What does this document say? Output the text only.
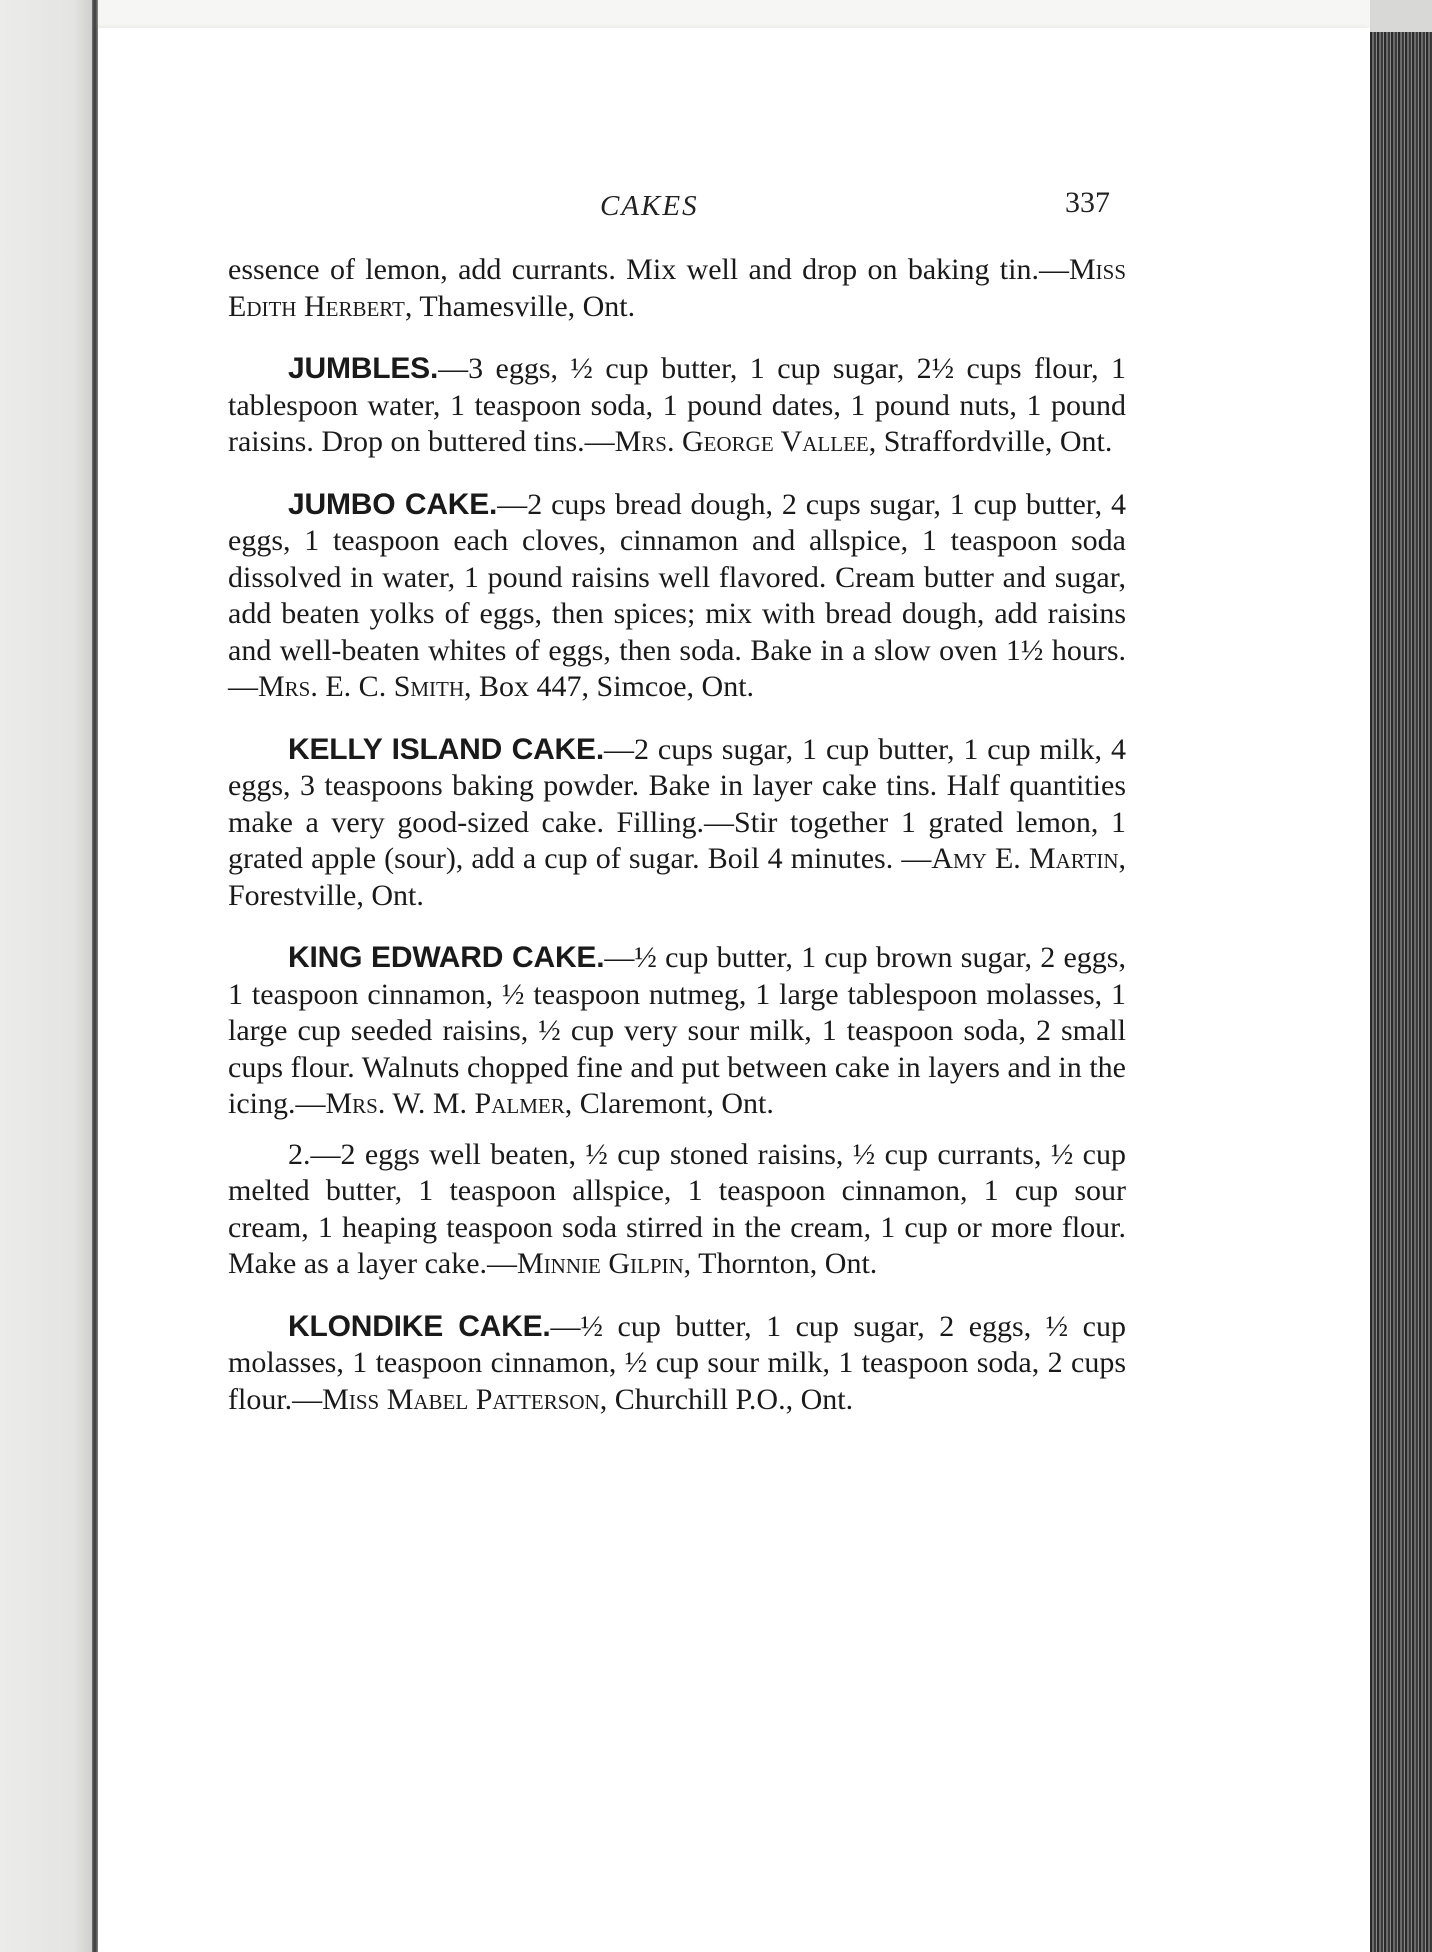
CAKES	337

essence of lemon, add currants. Mix well and drop on baking tin.—Miss Edith Herbert, Thamesville, Ont.

JUMBLES.—3 eggs, ½ cup butter, 1 cup sugar, 2½ cups flour, 1 tablespoon water, 1 teaspoon soda, 1 pound dates, 1 pound nuts, 1 pound raisins. Drop on buttered tins.—Mrs. George Vallee, Straffordville, Ont.

JUMBO CAKE.—2 cups bread dough, 2 cups sugar, 1 cup butter, 4 eggs, 1 teaspoon each cloves, cinnamon and allspice, 1 teaspoon soda dissolved in water, 1 pound raisins well flavored. Cream butter and sugar, add beaten yolks of eggs, then spices; mix with bread dough, add raisins and well-beaten whites of eggs, then soda. Bake in a slow oven 1½ hours.—Mrs. E. C. Smith, Box 447, Simcoe, Ont.

KELLY ISLAND CAKE.—2 cups sugar, 1 cup butter, 1 cup milk, 4 eggs, 3 teaspoons baking powder. Bake in layer cake tins. Half quantities make a very good-sized cake. Filling.—Stir together 1 grated lemon, 1 grated apple (sour), add a cup of sugar. Boil 4 minutes. —Amy E. Martin, Forestville, Ont.

KING EDWARD CAKE.—½ cup butter, 1 cup brown sugar, 2 eggs, 1 teaspoon cinnamon, ½ teaspoon nutmeg, 1 large tablespoon molasses, 1 large cup seeded raisins, ½ cup very sour milk, 1 teaspoon soda, 2 small cups flour. Walnuts chopped fine and put between cake in layers and in the icing.—Mrs. W. M. Palmer, Claremont, Ont.

2.—2 eggs well beaten, ½ cup stoned raisins, ½ cup currants, ½ cup melted butter, 1 teaspoon allspice, 1 teaspoon cinnamon, 1 cup sour cream, 1 heaping teaspoon soda stirred in the cream, 1 cup or more flour. Make as a layer cake.—Minnie Gilpin, Thornton, Ont.

KLONDIKE CAKE.—½ cup butter, 1 cup sugar, 2 eggs, ½ cup molasses, 1 teaspoon cinnamon, ½ cup sour milk, 1 teaspoon soda, 2 cups flour.—Miss Mabel Patterson, Churchill P.O., Ont.
